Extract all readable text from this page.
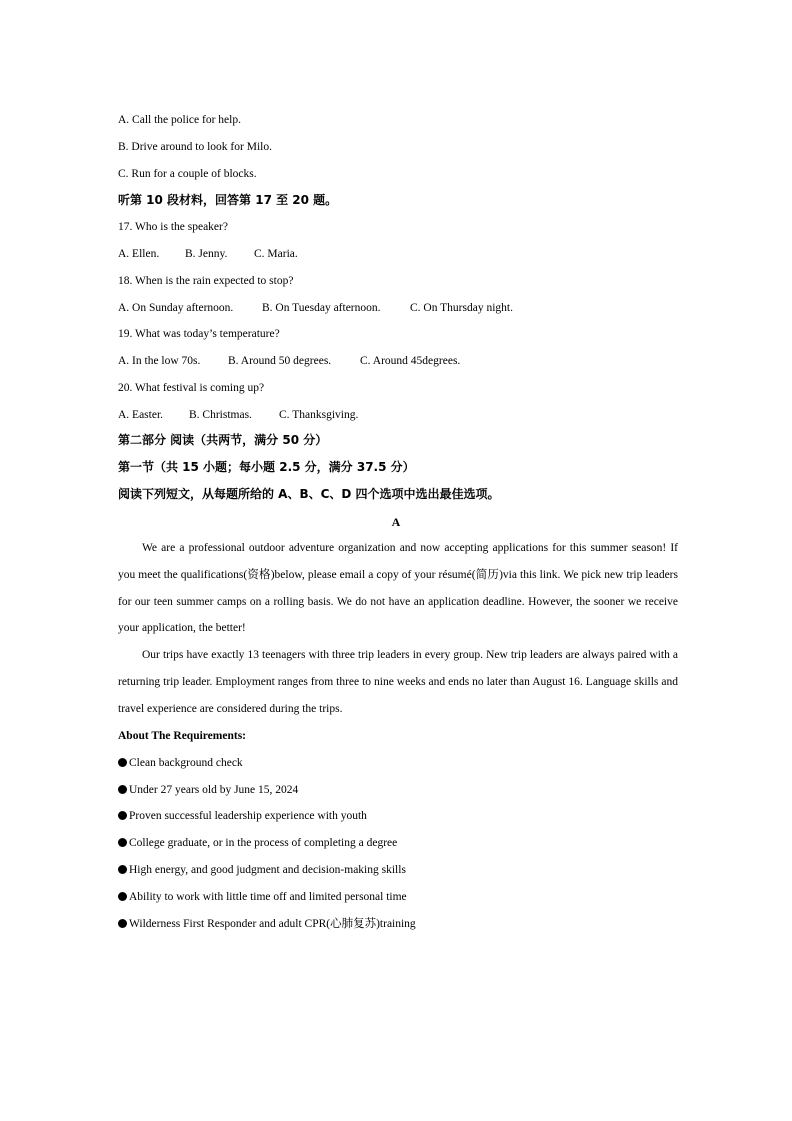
A. Call the police for help.
B. Drive around to look for Milo.
C. Run for a couple of blocks.
听第 10 段材料，回答第 17 至 20 题。
17. Who is the speaker?
A. Ellen. B. Jenny. C. Maria.
18. When is the rain expected to stop?
A. On Sunday afternoon. B. On Tuesday afternoon.	C. On Thursday night.
19. What was today’s temperature?
A. In the low 70s. B. Around 50 degrees.	C. Around 45degrees.
20. What festival is coming up?
A. Easter. B. Christmas. C. Thanksgiving.
第二部分 阅读（共两节，满分 50 分）
第一节（共 15 小题；每小题 2.5 分，满分 37.5 分）
阅读下列短文，从每题所给的 A、B、C、D 四个选项中选出最佳选项。
A

We are a professional outdoor adventure organization and now accepting applications for this summer season! If you meet the qualifications(资格)below, please email a copy of your résumé(简历)via this link. We pick new trip leaders for our teen summer camps on a rolling basis. We do not have an application deadline. However, the sooner we receive your application, the better!

Our trips have exactly 13 teenagers with three trip leaders in every group. New trip leaders are always paired with a returning trip leader. Employment ranges from three to nine weeks and ends no later than August 16. Language skills and travel experience are considered during the trips.

About The Requirements:
Clean background check
Under 27 years old by June 15, 2024
Proven successful leadership experience with youth
College graduate, or in the process of completing a degree
High energy, and good judgment and decision-making skills
Ability to work with little time off and limited personal time
Wilderness First Responder and adult CPR(心肺复苏)training
